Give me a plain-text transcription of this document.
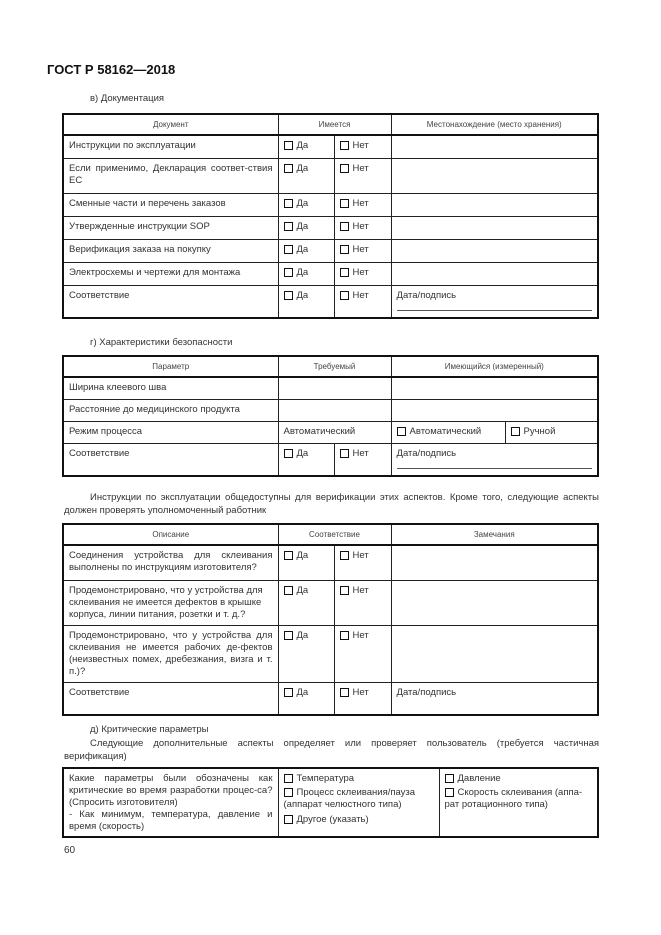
ГОСТ Р 58162—2018
в) Документация
Документ	Имеется		Местонахождение (место хранения)
Инструкции по эксплуатации	Да	Нет	
Если применимо, Декларация соответ-ствия ЕС	Да	Нет	
Сменные части и перечень заказов	Да	Нет	
Утвержденные инструкции SOP	Да	Нет	
Верификация заказа на покупку	Да	Нет	
Электросхемы и чертежи для монтажа	Да	Нет	
Соответствие	Да	Нет	Дата/подпись
г) Характеристики безопасности
Параметр	Требуемый		Имеющийся (измеренный)	
Ширина клеевого шва				
Расстояние до медицинского продукта				
Режим процесса	Автоматический		Автоматический	Ручной
Соответствие	Да	Нет	Дата/подпись	
Инструкции по эксплуатации общедоступны для верификации этих аспектов. Кроме того, следующие аспекты должен проверять уполномоченный работник
Описание	Соответствие		Замечания
Соединения устройства для склеивания выполнены по инструкциям изготовителя?	Да	Нет	
Продемонстрировано, что у устройства для склеивания не имеется дефектов в крышке корпуса, линии питания, розетки и т. д.?	Да	Нет	
Продемонстрировано, что у устройства для склеивания не имеется рабочих де-фектов (неизвестных помех, дребезжания, визга и т. п.)?	Да	Нет	
Соответствие	Да	Нет	Дата/подпись
д) Критические параметры
Следующие дополнительные аспекты определяет или проверяет пользователь (требуется частичная верификация)
Какие параметры были обозначены как критические во время разработки процес-са? (Спросить изготовителя)
- Как минимум, температура, давление и время (скорость)

Температура
Процесс склеивания/пауза (аппарат челюстного типа)
Другое (указать)

Давление
Скорость склеивания (аппа-рат ротационного типа)
60
